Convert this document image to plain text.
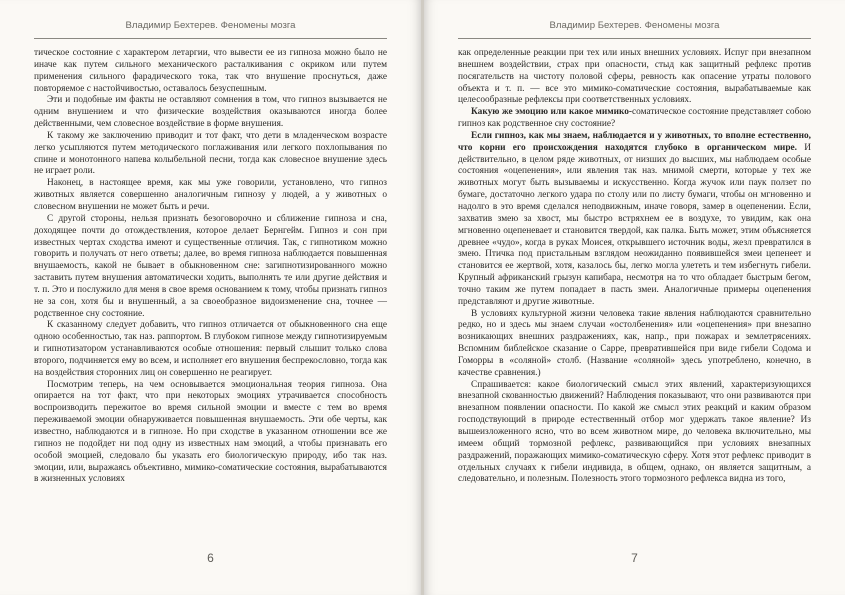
Владимир Бехтерев. Феномены мозга

тическое состояние с характером летаргии, что вывести ее из гипноза можно было не иначе как путем сильного механического расталкивания с окриком или путем применения сильного фарадического тока, так что внушение проснуться, даже повторяемое с настойчивостью, оставалось безуспешным.

Эти и подобные им факты не оставляют сомнения в том, что гипноз вызывается не одним внушением и что физические воздействия оказываются иногда более действенными, чем словесное воздействие в форме внушения.

К такому же заключению приводит и тот факт, что дети в младенческом возрасте легко усыпляются путем методического поглаживания или легкого похлопывания по спине и монотонного напева колыбельной песни, тогда как словесное внушение здесь не играет роли.

Наконец, в настоящее время, как мы уже говорили, установлено, что гипноз животных является совершенно аналогичным гипнозу у людей, а у животных о словесном внушении не может быть и речи.

С другой стороны, нельзя признать безоговорочно и сближение гипноза и сна, доходящее почти до отождествления, которое делает Бернгейм. Гипноз и сон при известных чертах сходства имеют и существенные отличия. Так, с гипнотиком можно говорить и получать от него ответы; далее, во время гипноза наблюдается повышенная внушаемость, какой не бывает в обыкновенном сне: загипнотизированного можно заставить путем внушения автоматически ходить, выполнять те или другие действия и т. п. Это и послужило для меня в свое время основанием к тому, чтобы признать гипноз не за сон, хотя бы и внушенный, а за своеобразное видоизменение сна, точнее — родственное сну состояние.

К сказанному следует добавить, что гипноз отличается от обыкновенного сна еще одною особенностью, так наз. раппортом. В глубоком гипнозе между гипнотизируемым и гипнотизатором устанавливаются особые отношения: первый слышит только слова второго, подчиняется ему во всем, и исполняет его внушения беспрекословно, тогда как на воздействия сторонних лиц он совершенно не реагирует.

Посмотрим теперь, на чем основывается эмоциональная теория гипноза. Она опирается на тот факт, что при некоторых эмоциях утрачивается способность воспроизводить пережитое во время сильной эмоции и вместе с тем во время переживаемой эмоции обнаруживается повышенная внушаемость. Эти обе черты, как известно, наблюдаются и в гипнозе. Но при сходстве в указанном отношении все же гипноз не подойдет ни под одну из известных нам эмоций, а чтобы признавать его особой эмоцией, следовало бы указать его биологическую природу, ибо так наз. эмоции, или, выражаясь объективно, мимико-соматические состояния, вырабатываются в жизненных условиях

6
Владимир Бехтерев. Феномены мозга

как определенные реакции при тех или иных внешних условиях. Испуг при внезапном внешнем воздействии, страх при опасности, стыд как защитный рефлекс против посягательств на чистоту половой сферы, ревность как опасение утраты полового объекта и т. п. — все это мимико-соматические состояния, вырабатываемые как целесообразные рефлексы при соответственных условиях.

Какую же эмоцию или какое мимико-соматическое состояние представляет собою гипноз как родственное сну состояние?

Если гипноз, как мы знаем, наблюдается и у животных, то вполне естественно, что корни его происхождения находятся глубоко в органическом мире. И действительно, в целом ряде животных, от низших до высших, мы наблюдаем особые состояния «оцепенения», или явления так наз. мнимой смерти, которые у тех же животных могут быть вызываемы и искусственно. Когда жучок или паук ползет по бумаге, достаточно легкого удара по столу или по листу бумаги, чтобы он мгновенно и надолго в это время сделался неподвижным, иначе говоря, замер в оцепенении. Если, захватив змею за хвост, мы быстро встряхнем ее в воздухе, то увидим, как она мгновенно оцепеневает и становится твердой, как палка. Быть может, этим объясняется древнее «чудо», когда в руках Моисея, открывшего источник воды, жезл превратился в змею. Птичка под пристальным взглядом неожиданно появившейся змеи цепенеет и становится ее жертвой, хотя, казалось бы, легко могла улететь и тем избегнуть гибели. Крупный африканский грызун капибара, несмотря на то что обладает быстрым бегом, точно таким же путем попадает в пасть змеи. Аналогичные примеры оцепенения представляют и другие животные.

В условиях культурной жизни человека такие явления наблюдаются сравнительно редко, но и здесь мы знаем случаи «остолбенения» или «оцепенения» при внезапно возникающих внешних раздражениях, как, напр., при пожарах и землетрясениях. Вспомним библейское сказание о Сарре, превратившейся при виде гибели Содома и Гоморры в «соляной» столб. (Название «соляной» здесь употреблено, конечно, в качестве сравнения.)

Спрашивается: какое биологический смысл этих явлений, характеризующихся внезапной скованностью движений? Наблюдения показывают, что они развиваются при внезапном появлении опасности. По какой же смысл этих реакций и каким образом господствующий в природе естественный отбор мог удержать такое явление? Из вышеизложенного ясно, что во всем животном мире, до человека включительно, мы имеем общий тормозной рефлекс, развивающийся при условиях внезапных раздражений, поражающих мимико-соматическую сферу. Хотя этот рефлекс приводит в отдельных случаях к гибели индивида, в общем, однако, он является защитным, а следовательно, и полезным. Полезность этого тормозного рефлекса видна из того,

7
